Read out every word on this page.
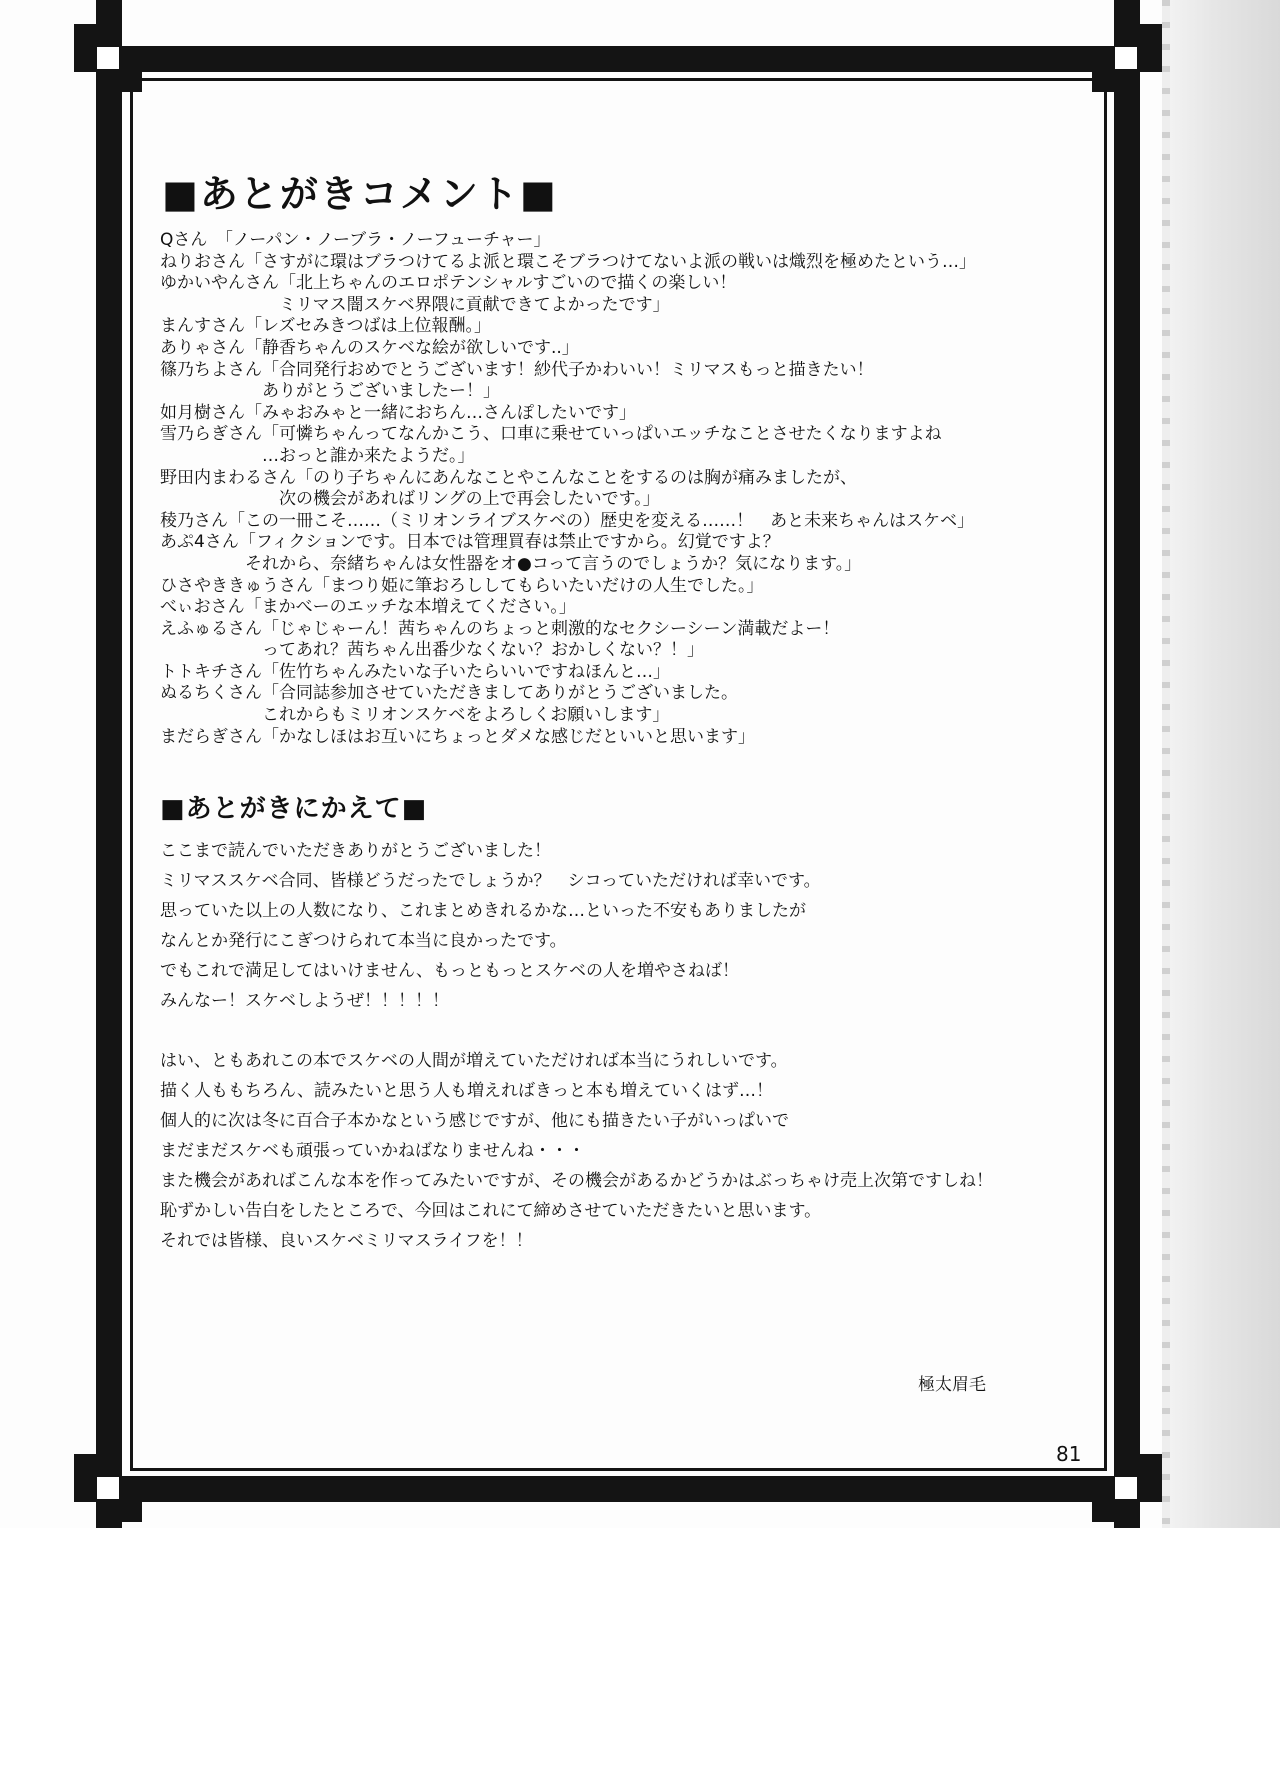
■あとがきコメント■
Qさん　「ノーパン・ノーブラ・ノーフューチャー」
ねりおさん「さすがに環はブラつけてるよ派と環こそブラつけてないよ派の戦いは熾烈を極めたという…」
ゆかいやんさん「北上ちゃんのエロポテンシャルすごいので描くの楽しい！
　　　　　　　ミリマス闇スケベ界隈に貢献できてよかったです」
まんすさん「レズセみきつばは上位報酬。」
ありゃさん「静香ちゃんのスケベな絵が欲しいです..」
篠乃ちよさん「合同発行おめでとうございます！紗代子かわいい！ミリマスもっと描きたい！
　　　　　　ありがとうございましたー！」
如月樹さん「みゃおみゃと一緒におちん…さんぽしたいです」
雪乃らぎさん「可憐ちゃんってなんかこう、口車に乗せていっぱいエッチなことさせたくなりますよね
　　　　　　…おっと誰か来たようだ。」
野田内まわるさん「のり子ちゃんにあんなことやこんなことをするのは胸が痛みましたが、
　　　　　　　次の機会があればリングの上で再会したいです。」
稜乃さん「この一冊こそ……（ミリオンライブスケベの）歴史を変える……！　あと未来ちゃんはスケベ」
あぷ4さん「フィクションです。日本では管理買春は禁止ですから。幻覚ですよ？
　　　　　それから、奈緒ちゃんは女性器をオ●コって言うのでしょうか？気になります。」
ひさやききゅうさん「まつり姫に筆おろししてもらいたいだけの人生でした。」
べぃおさん「まかべーのエッチな本増えてください。」
えふゅるさん「じゃじゃーん！茜ちゃんのちょっと刺激的なセクシーシーン満載だよー！
　　　　　　ってあれ？茜ちゃん出番少なくない？おかしくない？！」
トトキチさん「佐竹ちゃんみたいな子いたらいいですねほんと…」
ぬるちくさん「合同誌参加させていただきましてありがとうございました。
　　　　　　これからもミリオンスケベをよろしくお願いします」
まだらぎさん「かなしほはお互いにちょっとダメな感じだといいと思います」
■あとがきにかえて■
ここまで読んでいただきありがとうございました！
ミリマススケベ合同、皆様どうだったでしょうか？　シコっていただければ幸いです。
思っていた以上の人数になり、これまとめきれるかな…といった不安もありましたが
なんとか発行にこぎつけられて本当に良かったです。
でもこれで満足してはいけません、もっともっとスケベの人を増やさねば！
みんなー！スケベしようぜ！！！！！
はい、ともあれこの本でスケベの人間が増えていただければ本当にうれしいです。
描く人ももちろん、読みたいと思う人も増えればきっと本も増えていくはず…！
個人的に次は冬に百合子本かなという感じですが、他にも描きたい子がいっぱいで
まだまだスケベも頑張っていかねばなりませんね・・・
また機会があればこんな本を作ってみたいですが、その機会があるかどうかはぶっちゃけ売上次第ですしね！
恥ずかしい告白をしたところで、今回はこれにて締めさせていただきたいと思います。
それでは皆様、良いスケベミリマスライフを！！
極太眉毛
81
